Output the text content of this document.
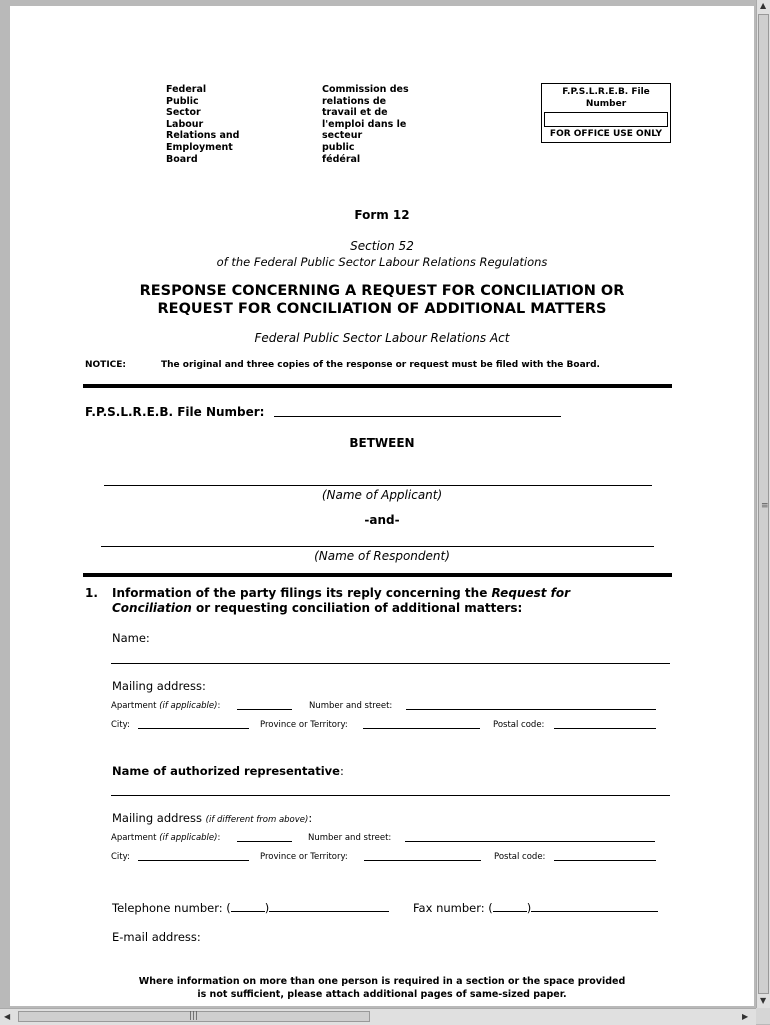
Federal
Public
Sector
Labour
Relations and
Employment
Board
Commission des
relations de
travail et de
l'emploi dans le
secteur
public
fédéral
F.P.S.L.R.E.B. File
Number
FOR OFFICE USE ONLY
Form 12
Section 52
of the Federal Public Sector Labour Relations Regulations
RESPONSE CONCERNING A REQUEST FOR CONCILIATION OR
REQUEST FOR CONCILIATION OF ADDITIONAL MATTERS
Federal Public Sector Labour Relations Act
NOTICE:	The original and three copies of the response or request must be filed with the Board.
F.P.S.L.R.E.B. File Number:
BETWEEN
(Name of Applicant)
-and-
(Name of Respondent)
1. Information of the party filings its reply concerning the Request for Conciliation or requesting conciliation of additional matters:
Name:
Mailing address:
Apartment (if applicable):	Number and street:
City:	Province or Territory:	Postal code:
Name of authorized representative:
Mailing address (if different from above):
Apartment (if applicable):	Number and street:
City:	Province or Territory:	Postal code:
Telephone number: (	)	Fax number: (	)
E-mail address:
Where information on more than one person is required in a section or the space provided
is not sufficient, please attach additional pages of same-sized paper.
▲
≡
▼
◀	|||	▶
